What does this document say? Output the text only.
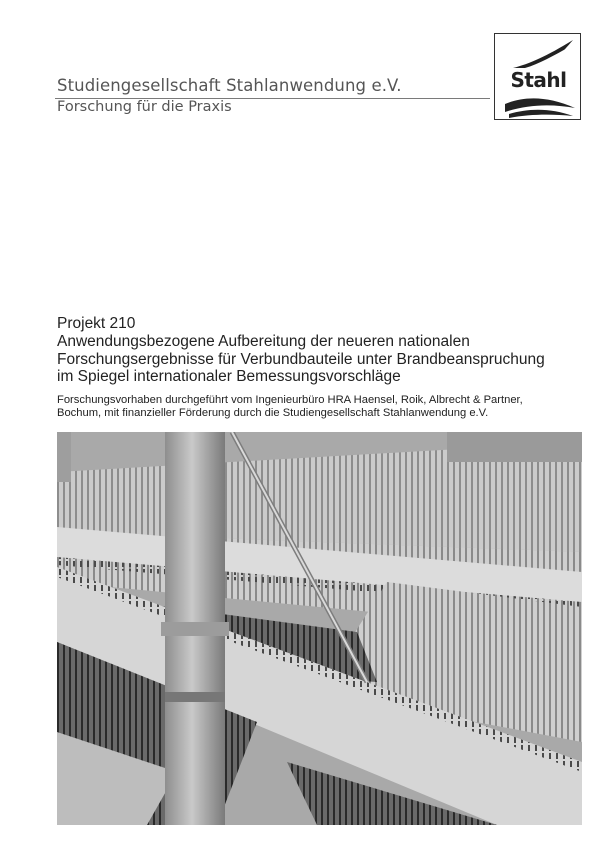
Studiengesellschaft Stahlanwendung e.V.
Forschung für die Praxis
Stahl
Projekt 210
Anwendungsbezogene Aufbereitung der neueren nationalen
Forschungsergebnisse für Verbundbauteile unter Brandbeanspruchung
im Spiegel internationaler Bemessungsvorschläge
Forschungsvorhaben durchgeführt vom Ingenieurbüro HRA Haensel, Roik, Albrecht & Partner,
Bochum, mit finanzieller Förderung durch die Studiengesellschaft Stahlanwendung e.V.
